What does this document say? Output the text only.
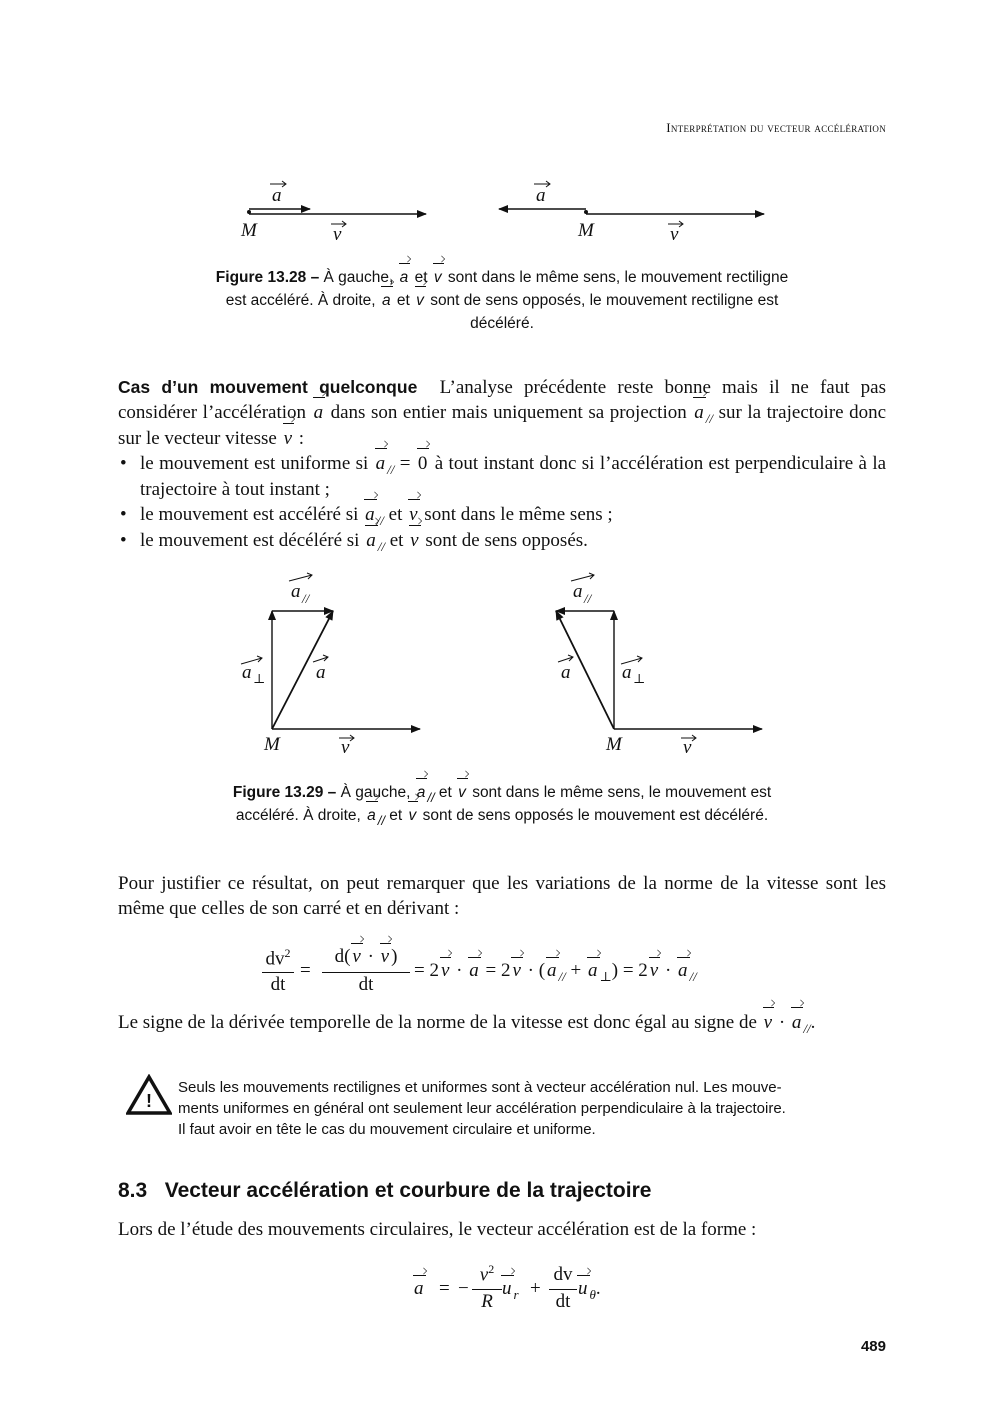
Interprétation du vecteur accélération
a
M	v
a
M	v
Figure 13.28 – À gauche, a et v sont dans le même sens, le mouvement rectiligne
est accéléré. À droite, a et v sont de sens opposés, le mouvement rectiligne est
décéléré.
Cas d’un mouvement quelconque L’analyse précédente reste bonne mais il ne faut pas considérer l’accélération a dans son entier mais uniquement sa projection a $_{//}$ sur la trajectoire donc sur le vecteur vitesse v :
• le mouvement est uniforme si a $_{//}$ = 0 à tout instant donc si l’accélération est perpendiculaire à la trajectoire à tout instant ;
• le mouvement est accéléré si a $_{//}$ et v sont dans le même sens ;
• le mouvement est décéléré si a $_{//}$ et v sont de sens opposés.
a //
a ⊥	a
M	v
a //
a	a ⊥
M	v
Figure 13.29 – À gauche, a $_{//}$ et v sont dans le même sens, le mouvement est
accéléré. À droite, a $_{//}$ et v sont de sens opposés le mouvement est décéléré.
Pour justifier ce résultat, on peut remarquer que les variations de la norme de la vitesse sont les même que celles de son carré et en dérivant :
$dv^2$
dt
=
d( v · v )
dt
= 2 v · a = 2 v · ( a $_{//}$ + a $_\perp$) = 2 v · a $_{//}$
Le signe de la dérivée temporelle de la norme de la vitesse est donc égal au signe de v · a $_{//}$.
!
Seuls les mouvements rectilignes et uniformes sont à vecteur accélération nul. Les mouve-
ments uniformes en général ont seulement leur accélération perpendiculaire à la trajectoire.
Il faut avoir en tête le cas du mouvement circulaire et uniforme.
8.3 Vecteur accélération et courbure de la trajectoire
Lors de l’étude des mouvements circulaires, le vecteur accélération est de la forme :
a = −
$v^2$
R
u $_r$ +
dv
dt
u $_\theta$.
489
